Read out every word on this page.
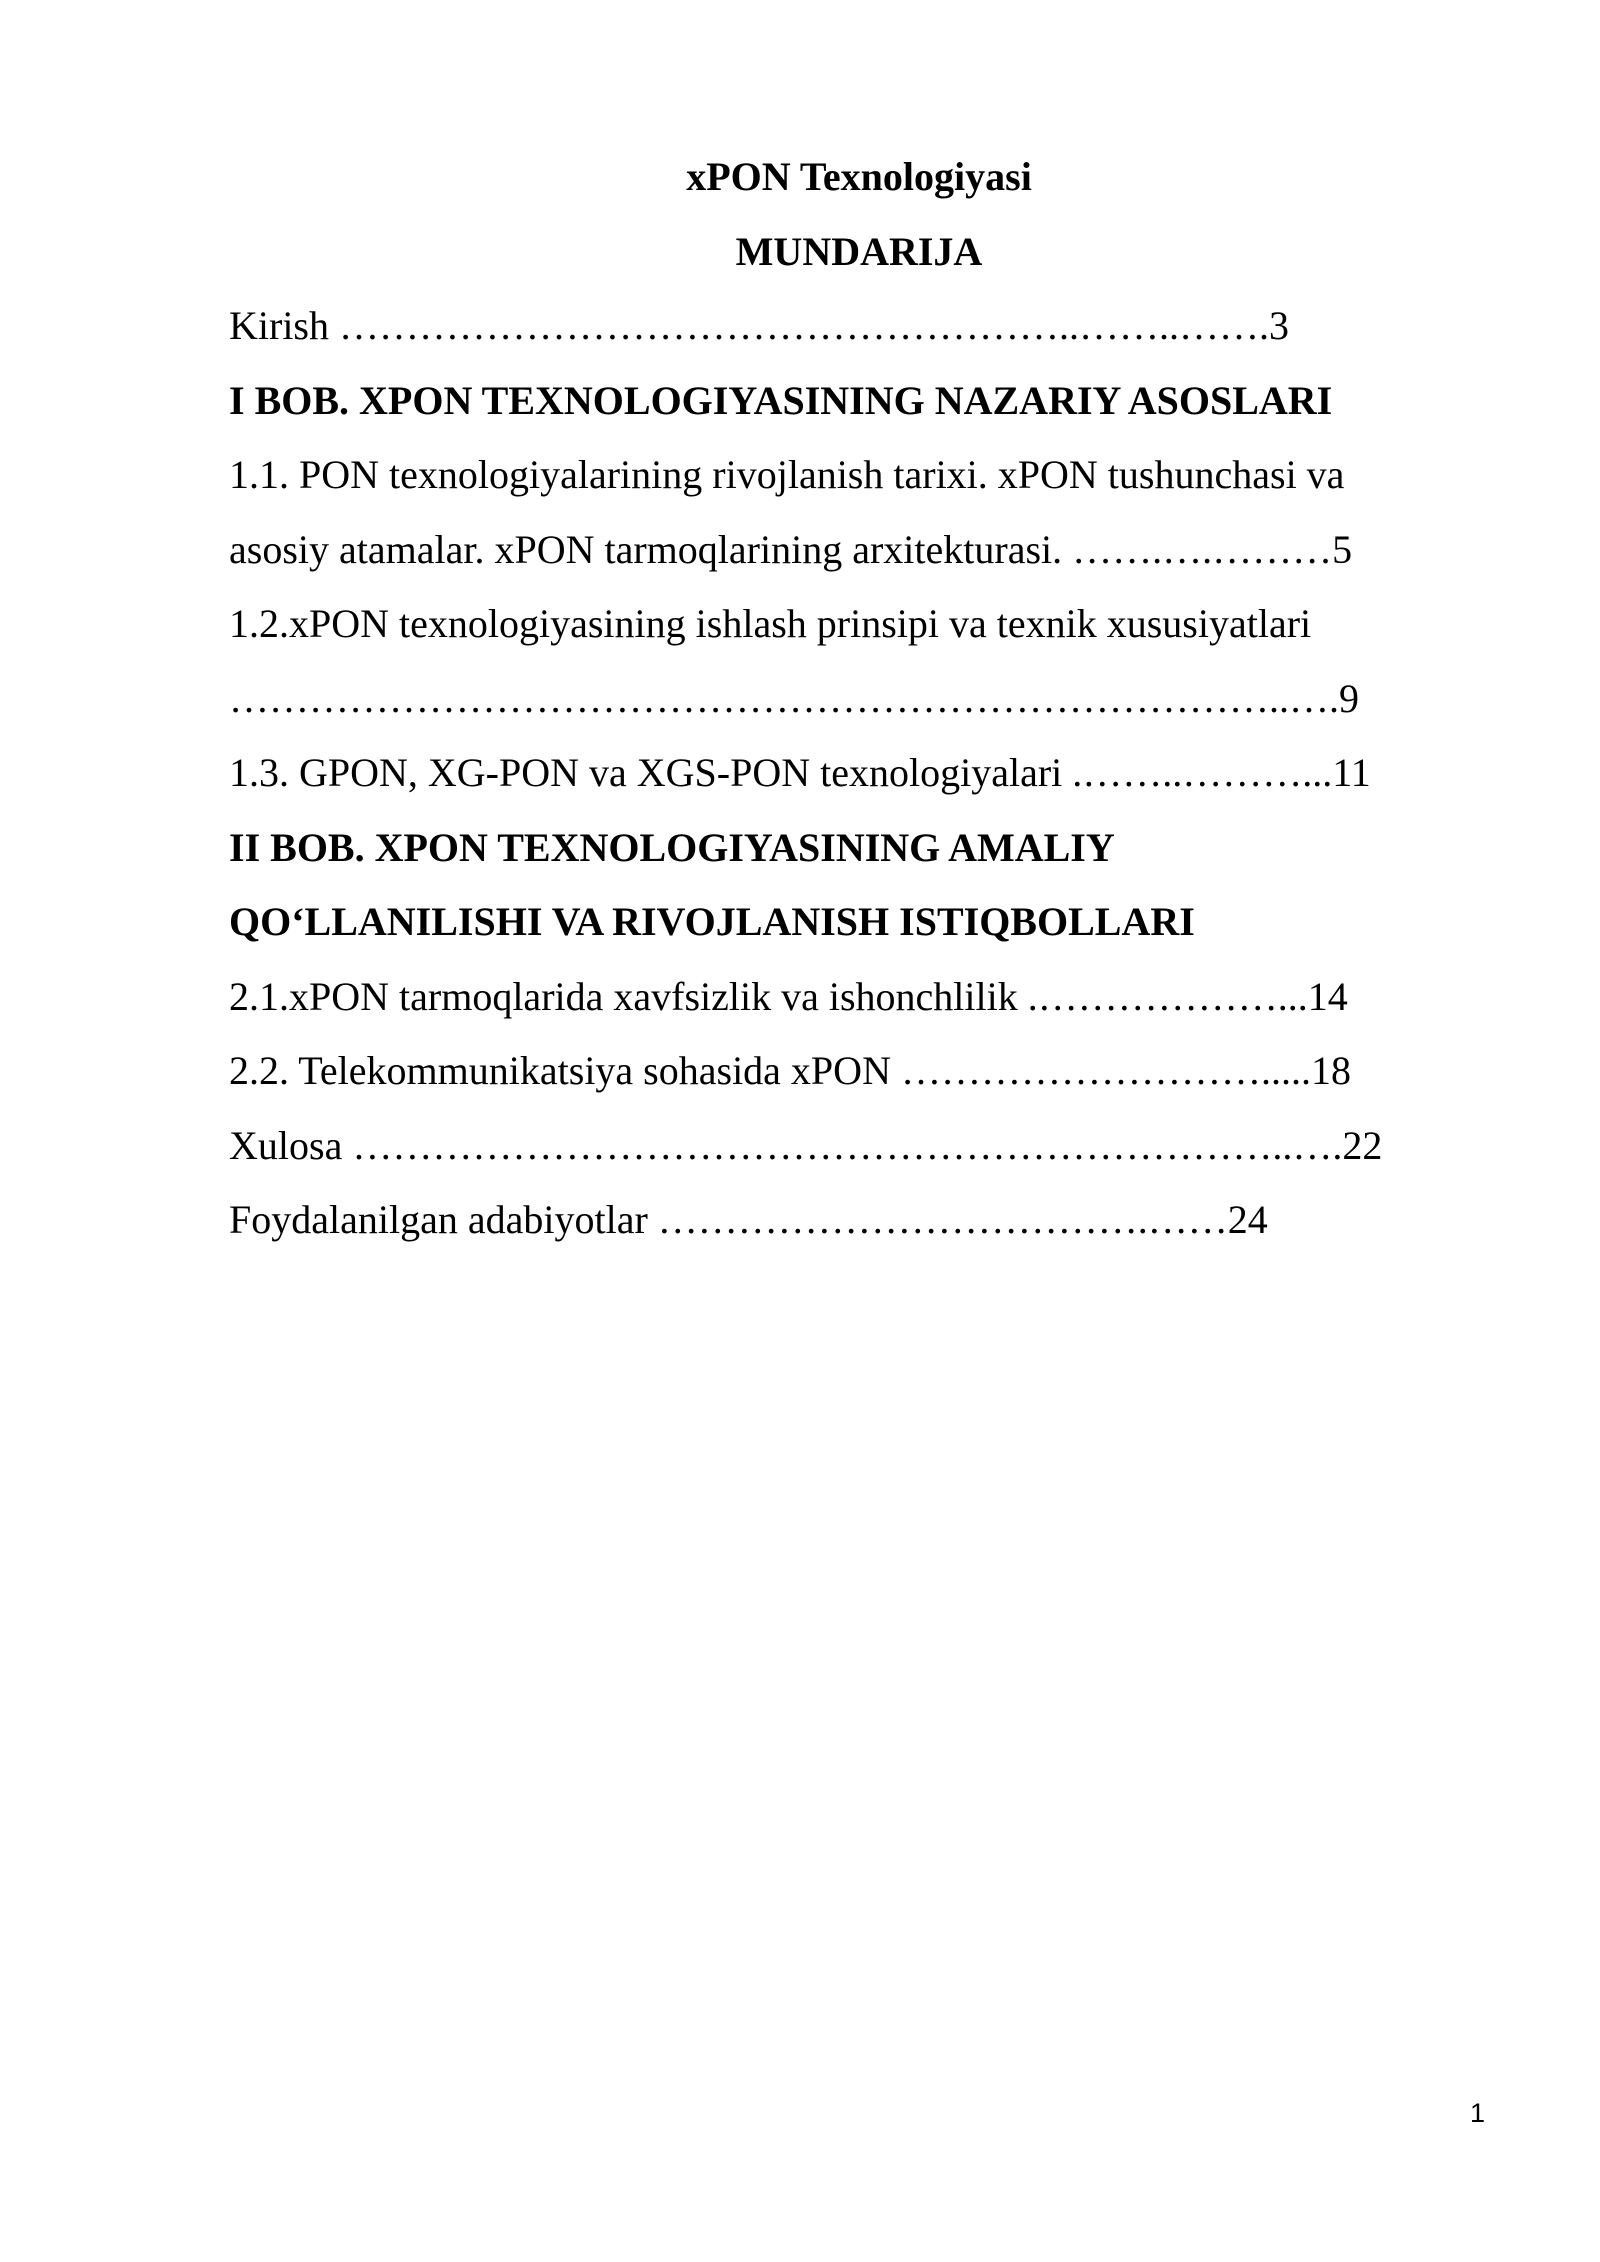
xPON Texnologiyasi
MUNDARIJA
Kirish ………………………………………………..……..…….3
I BOB. XPON TEXNOLOGIYASINING NAZARIY ASOSLARI
1.1. PON texnologiyalarining rivojlanish tarixi. xPON tushunchasi va
asosiy atamalar. xPON tarmoqlarining arxitekturasi. …….….………5
1.2.xPON texnologiyasining ishlash prinsipi va texnik xususiyatlari
……………………………………………………………………..….9
1.3. GPON, XG-PON va XGS-PON texnologiyalari .……..………...11
II BOB. XPON TEXNOLOGIYASINING AMALIY
QO‘LLANILISHI VA RIVOJLANISH ISTIQBOLLARI
2.1.xPON tarmoqlarida xavfsizlik va ishonchlilik .………………...14
2.2. Telekommunikatsiya sohasida xPON ……………………….....18
Xulosa ……………………………………………………………..….22
Foydalanilgan adabiyotlar ……………………………….……24
1
